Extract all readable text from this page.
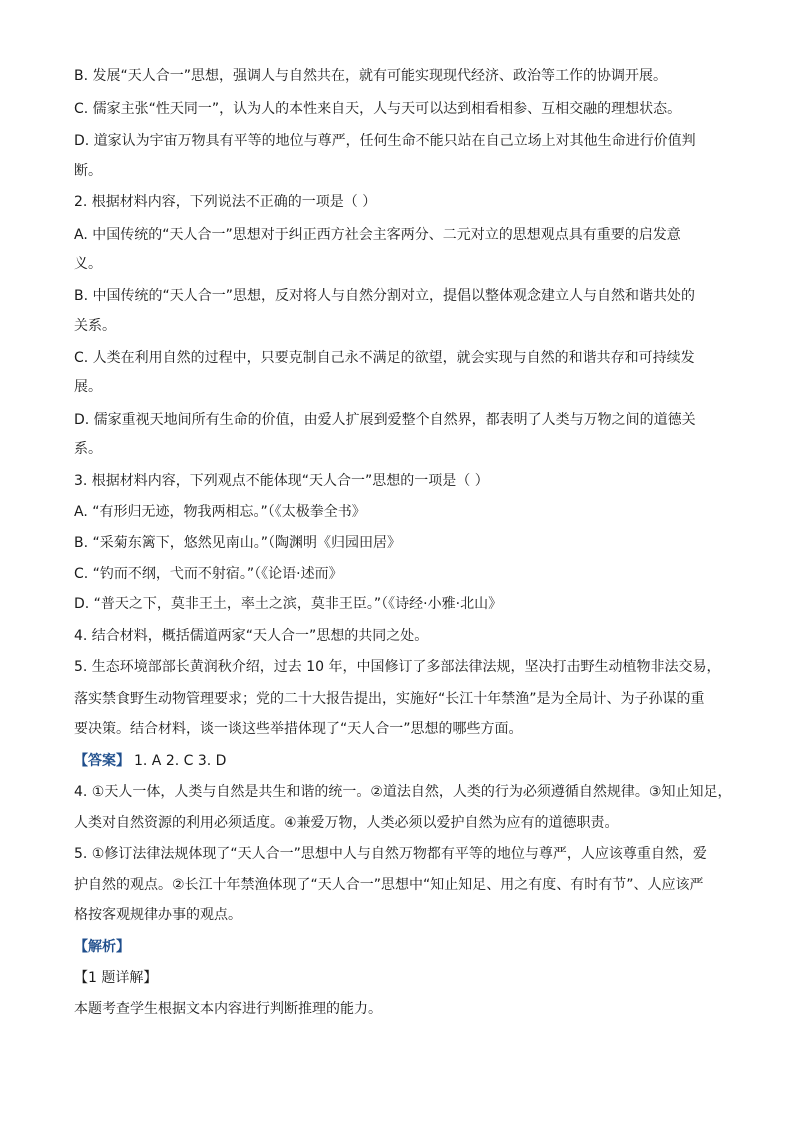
B. 发展“天人合一”思想，强调人与自然共在，就有可能实现现代经济、政治等工作的协调开展。
C. 儒家主张“性天同一”，认为人的本性来自天，人与天可以达到相看相参、互相交融的理想状态。
D. 道家认为宇宙万物具有平等的地位与尊严，任何生命不能只站在自己立场上对其他生命进行价值判
断。
2. 根据材料内容，下列说法不正确的一项是（ ）
A. 中国传统的“天人合一”思想对于纠正西方社会主客两分、二元对立的思想观点具有重要的启发意
义。
B. 中国传统的“天人合一”思想，反对将人与自然分割对立，提倡以整体观念建立人与自然和谐共处的
关系。
C. 人类在利用自然的过程中，只要克制自己永不满足的欲望，就会实现与自然的和谐共存和可持续发
展。
D. 儒家重视天地间所有生命的价值，由爱人扩展到爱整个自然界，都表明了人类与万物之间的道德关
系。
3. 根据材料内容，下列观点不能体现“天人合一”思想的一项是（ ）
A. “有形归无迹，物我两相忘。”（《太极拳全书》
B. “采菊东篱下，悠然见南山。”（陶渊明《归园田居》
C. “钓而不纲，弋而不射宿。”（《论语·述而》
D. “普天之下，莫非王土，率土之滨，莫非王臣。”（《诗经·小雅·北山》
4. 结合材料，概括儒道两家“天人合一”思想的共同之处。
5. 生态环境部部长黄润秋介绍，过去 10 年，中国修订了多部法律法规，坚决打击野生动植物非法交易，
落实禁食野生动物管理要求；党的二十大报告提出，实施好“长江十年禁渔”是为全局计、为子孙谋的重
要决策。结合材料，谈一谈这些举措体现了“天人合一”思想的哪些方面。
【答案】 1. A 2. C 3. D
4. ①天人一体，人类与自然是共生和谐的统一。②道法自然，人类的行为必须遵循自然规律。③知止知足，
人类对自然资源的利用必须适度。④兼爱万物，人类必须以爱护自然为应有的道德职责。
5. ①修订法律法规体现了“天人合一”思想中人与自然万物都有平等的地位与尊严，人应该尊重自然，爱
护自然的观点。②长江十年禁渔体现了“天人合一”思想中“知止知足、用之有度、有时有节”、人应该严
格按客观规律办事的观点。
【解析】
【1 题详解】
本题考查学生根据文本内容进行判断推理的能力。
